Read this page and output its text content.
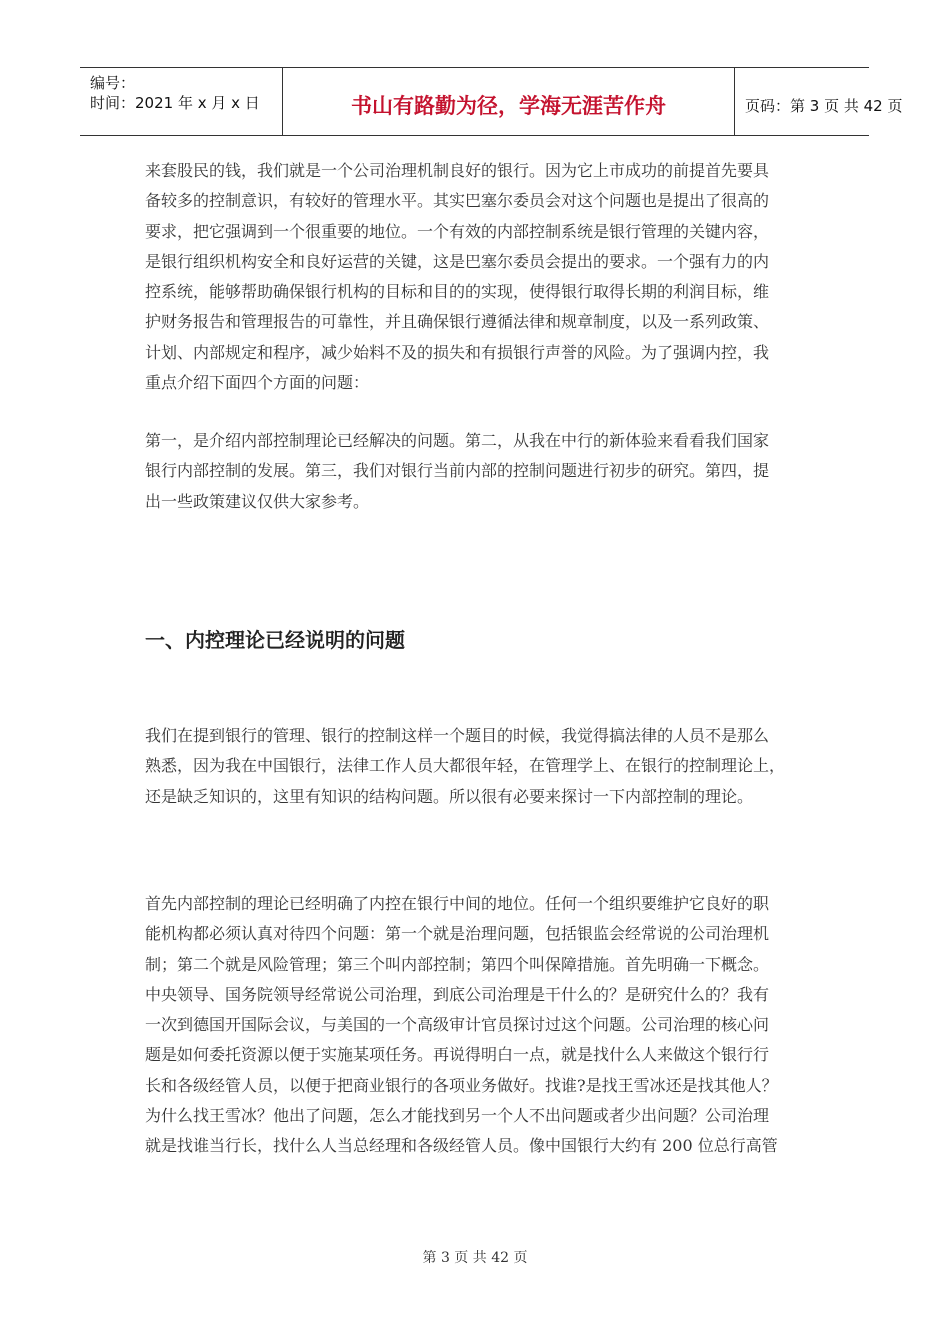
编号：
时间：2021 年 x 月 x 日	书山有路勤为径，学海无涯苦作舟	页码：第 3 页 共 42 页
来套股民的钱，我们就是一个公司治理机制良好的银行。因为它上市成功的前提首先要具
备较多的控制意识，有较好的管理水平。其实巴塞尔委员会对这个问题也是提出了很高的
要求，把它强调到一个很重要的地位。一个有效的内部控制系统是银行管理的关键内容，
是银行组织机构安全和良好运营的关键，这是巴塞尔委员会提出的要求。一个强有力的内
控系统，能够帮助确保银行机构的目标和目的的实现，使得银行取得长期的利润目标，维
护财务报告和管理报告的可靠性，并且确保银行遵循法律和规章制度，以及一系列政策、
计划、内部规定和程序，减少始料不及的损失和有损银行声誉的风险。为了强调内控，我
重点介绍下面四个方面的问题：
第一，是介绍内部控制理论已经解决的问题。第二，从我在中行的新体验来看看我们国家
银行内部控制的发展。第三，我们对银行当前内部的控制问题进行初步的研究。第四，提
出一些政策建议仅供大家参考。
一、内控理论已经说明的问题
我们在提到银行的管理、银行的控制这样一个题目的时候，我觉得搞法律的人员不是那么
熟悉，因为我在中国银行，法律工作人员大都很年轻，在管理学上、在银行的控制理论上，
还是缺乏知识的，这里有知识的结构问题。所以很有必要来探讨一下内部控制的理论。
首先内部控制的理论已经明确了内控在银行中间的地位。任何一个组织要维护它良好的职
能机构都必须认真对待四个问题：第一个就是治理问题，包括银监会经常说的公司治理机
制；第二个就是风险管理；第三个叫内部控制；第四个叫保障措施。首先明确一下概念。
中央领导、国务院领导经常说公司治理，到底公司治理是干什么的？是研究什么的？我有
一次到德国开国际会议，与美国的一个高级审计官员探讨过这个问题。公司治理的核心问
题是如何委托资源以便于实施某项任务。再说得明白一点，就是找什么人来做这个银行行
长和各级经管人员，以便于把商业银行的各项业务做好。找谁?是找王雪冰还是找其他人？
为什么找王雪冰？他出了问题，怎么才能找到另一个人不出问题或者少出问题？公司治理
就是找谁当行长，找什么人当总经理和各级经管人员。像中国银行大约有 200 位总行高管
第 3 页 共 42 页
